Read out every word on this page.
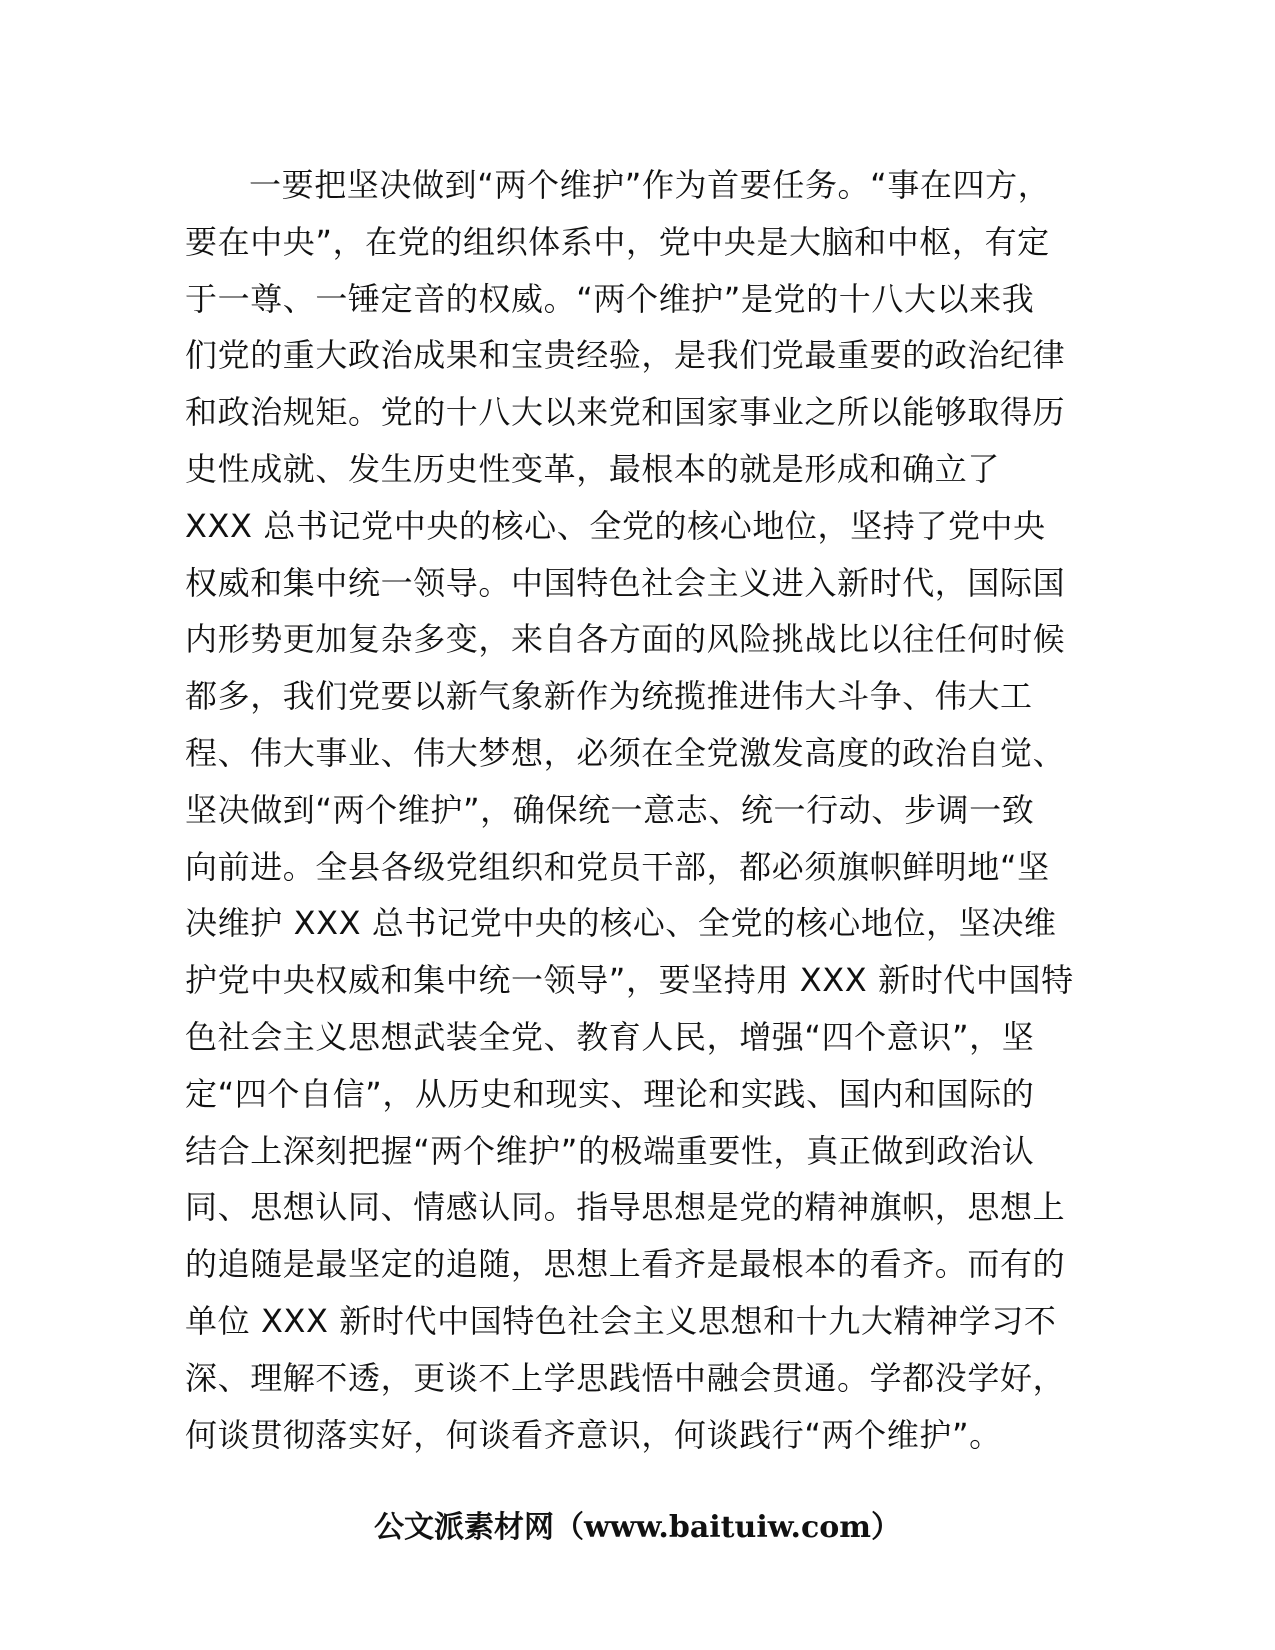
一要把坚决做到“两个维护”作为首要任务。“事在四方，
要在中央”，在党的组织体系中，党中央是大脑和中枢，有定
于一尊、一锤定音的权威。“两个维护”是党的十八大以来我
们党的重大政治成果和宝贵经验，是我们党最重要的政治纪律
和政治规矩。党的十八大以来党和国家事业之所以能够取得历
史性成就、发生历史性变革，最根本的就是形成和确立了
XXX 总书记党中央的核心、全党的核心地位，坚持了党中央
权威和集中统一领导。中国特色社会主义进入新时代，国际国
内形势更加复杂多变，来自各方面的风险挑战比以往任何时候
都多，我们党要以新气象新作为统揽推进伟大斗争、伟大工
程、伟大事业、伟大梦想，必须在全党激发高度的政治自觉、
坚决做到“两个维护”，确保统一意志、统一行动、步调一致
向前进。全县各级党组织和党员干部，都必须旗帜鲜明地“坚
决维护 XXX 总书记党中央的核心、全党的核心地位，坚决维
护党中央权威和集中统一领导”，要坚持用 XXX 新时代中国特
色社会主义思想武装全党、教育人民，增强“四个意识”，坚
定“四个自信”，从历史和现实、理论和实践、国内和国际的
结合上深刻把握“两个维护”的极端重要性，真正做到政治认
同、思想认同、情感认同。指导思想是党的精神旗帜，思想上
的追随是最坚定的追随，思想上看齐是最根本的看齐。而有的
单位 XXX 新时代中国特色社会主义思想和十九大精神学习不
深、理解不透，更谈不上学思践悟中融会贯通。学都没学好，
何谈贯彻落实好，何谈看齐意识，何谈践行“两个维护”。
公文派素材网（www.baituiw.com）
